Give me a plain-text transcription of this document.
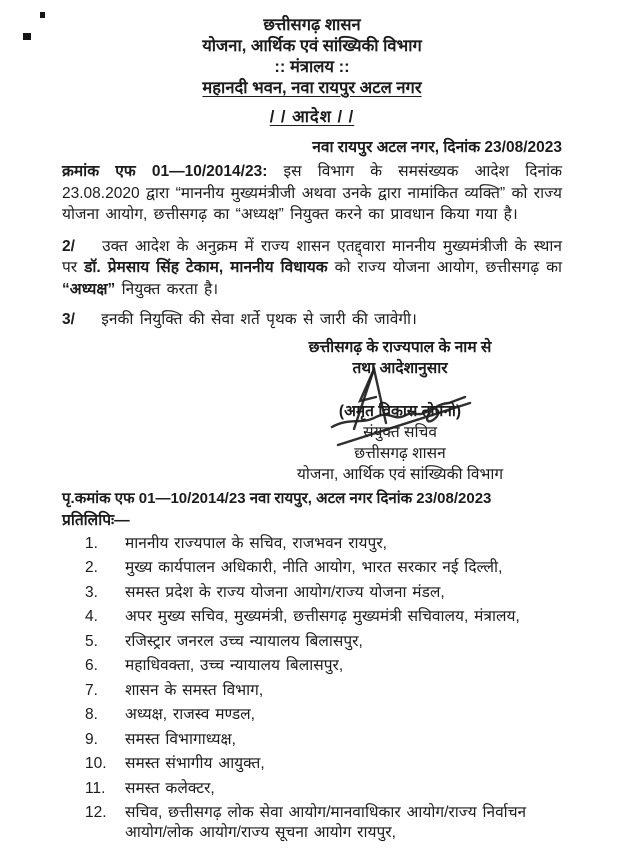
छत्तीसगढ़ शासन
योजना, आर्थिक एवं सांख्यिकी विभाग
:: मंत्रालय ::
महानदी भवन, नवा रायपुर अटल नगर
/ / आदेश / /
नवा रायपुर अटल नगर, दिनांक 23/08/2023

क्रमांक एफ 01—10/2014/23: इस विभाग के समसंख्यक आदेश दिनांक 23.08.2020 द्वारा “माननीय मुख्यमंत्रीजी अथवा उनके द्वारा नामांकित व्यक्ति” को राज्य योजना आयोग, छत्तीसगढ़ का “अध्यक्ष” नियुक्त करने का प्रावधान किया गया है।

2/ उक्त आदेश के अनुक्रम में राज्य शासन एतद्द्वारा माननीय मुख्यमंत्रीजी के स्थान पर डॉ. प्रेमसाय सिंह टेकाम, माननीय विधायक को राज्य योजना आयोग, छत्तीसगढ़ का “अध्यक्ष” नियुक्त करता है।

3/ इनकी नियुक्ति की सेवा शर्ते पृथक से जारी की जावेगी।

छत्तीसगढ़ के राज्यपाल के नाम से
तथा आदेशानुसार
(अमृत विकास तोपनो)
संयुक्त सचिव
छत्तीसगढ़ शासन
योजना, आर्थिक एवं सांख्यिकी विभाग
पृ.कमांक एफ 01—10/2014/23 नवा रायपुर, अटल नगर दिनांक 23/08/2023
प्रतिलिपिः—
1.	माननीय राज्यपाल के सचिव, राजभवन रायपुर,
2.	मुख्य कार्यपालन अधिकारी, नीति आयोग, भारत सरकार नई दिल्ली,
3.	समस्त प्रदेश के राज्य योजना आयोग/राज्य योजना मंडल,
4.	अपर मुख्य सचिव, मुख्यमंत्री, छत्तीसगढ़ मुख्यमंत्री सचिवालय, मंत्रालय,
5.	रजिस्ट्रार जनरल उच्च न्यायालय बिलासपुर,
6.	महाधिवक्ता, उच्च न्यायालय बिलासपुर,
7.	शासन के समस्त विभाग,
8.	अध्यक्ष, राजस्व मण्डल,
9.	समस्त विभागाध्यक्ष,
10.	समस्त संभागीय आयुक्त,
11.	समस्त कलेक्टर,
12.	सचिव, छत्तीसगढ़ लोक सेवा आयोग/मानवाधिकार आयोग/राज्य निर्वाचन आयोग/लोक आयोग/राज्य सूचना आयोग रायपुर,
